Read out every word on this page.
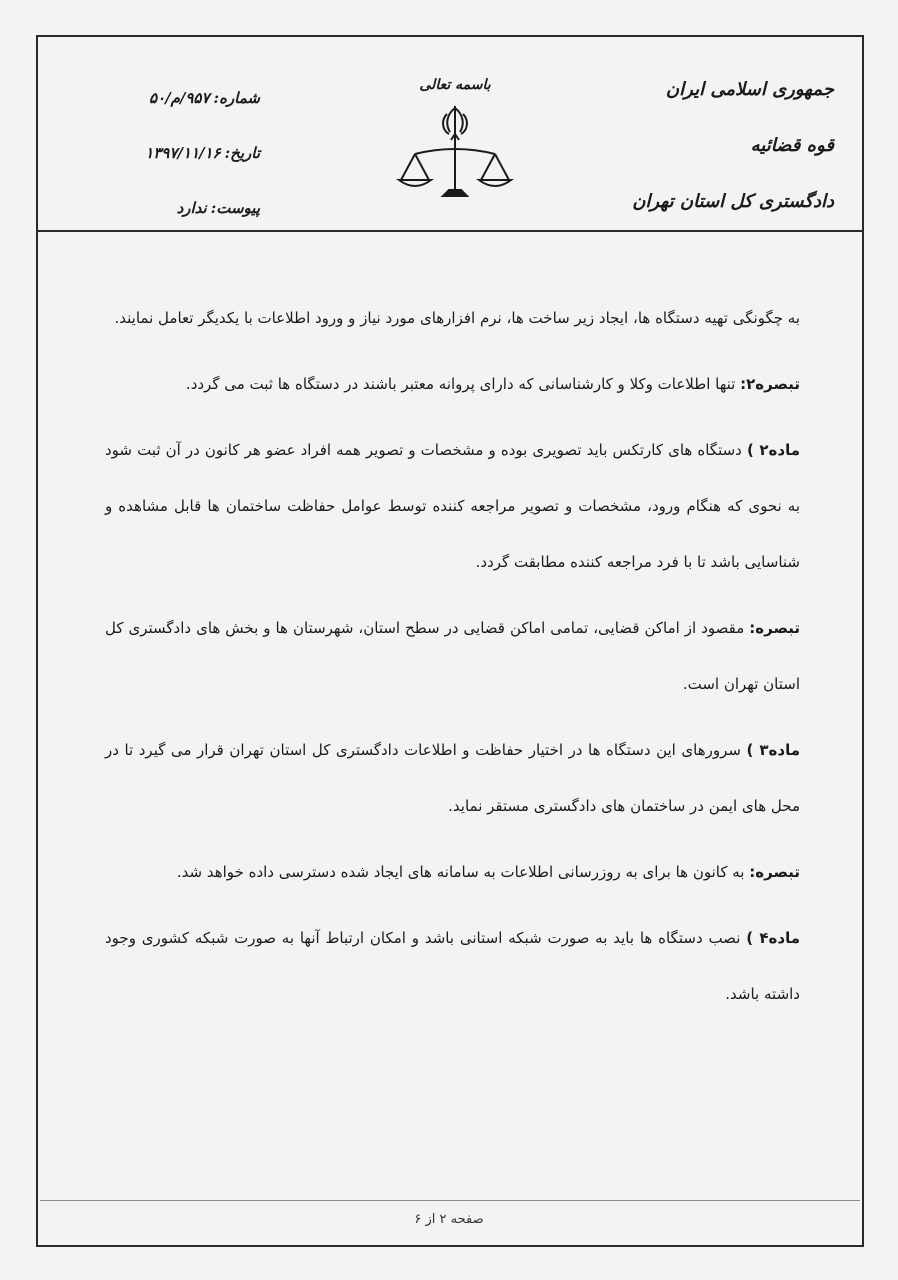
جمهوری اسلامی ایران
قوه قضائیه
دادگستری کل استان تهران
باسمه تعالی
شماره:۹۵۷/م/۵۰
تاریخ:۱۳۹۷/۱۱/۱۶
پیوست:ندارد

به چگونگی تهیه دستگاه ها، ایجاد زیر ساخت ها، نرم افزارهای مورد نیاز و ورود اطلاعات با یکدیگر تعامل نمایند.

تبصره۲: تنها اطلاعات وکلا و کارشناسانی که دارای پروانه معتبر باشند در دستگاه ها ثبت می گردد.

ماده۲ ) دستگاه های کارتکس باید تصویری بوده و مشخصات و تصویر همه افراد عضو هر کانون در آن ثبت شود به نحوی که هنگام ورود، مشخصات و تصویر مراجعه کننده توسط عوامل حفاظت ساختمان ها قابل مشاهده و شناسایی باشد تا با فرد مراجعه کننده مطابقت گردد.

تبصره: مقصود از اماکن قضایی، تمامی اماکن قضایی در سطح استان، شهرستان ها و بخش های دادگستری کل استان تهران است.

ماده۳ ) سرورهای این دستگاه ها در اختیار حفاظت و اطلاعات دادگستری کل استان تهران قرار می گیرد تا در محل های ایمن در ساختمان های دادگستری مستقر نماید.

تبصره: به کانون ها برای به روزرسانی اطلاعات به سامانه های ایجاد شده دسترسی داده خواهد شد.

ماده۴ ) نصب دستگاه ها باید به صورت شبکه استانی باشد و امکان ارتباط آنها به صورت شبکه کشوری وجود داشته باشد.

صفحه ۲ از ۶
